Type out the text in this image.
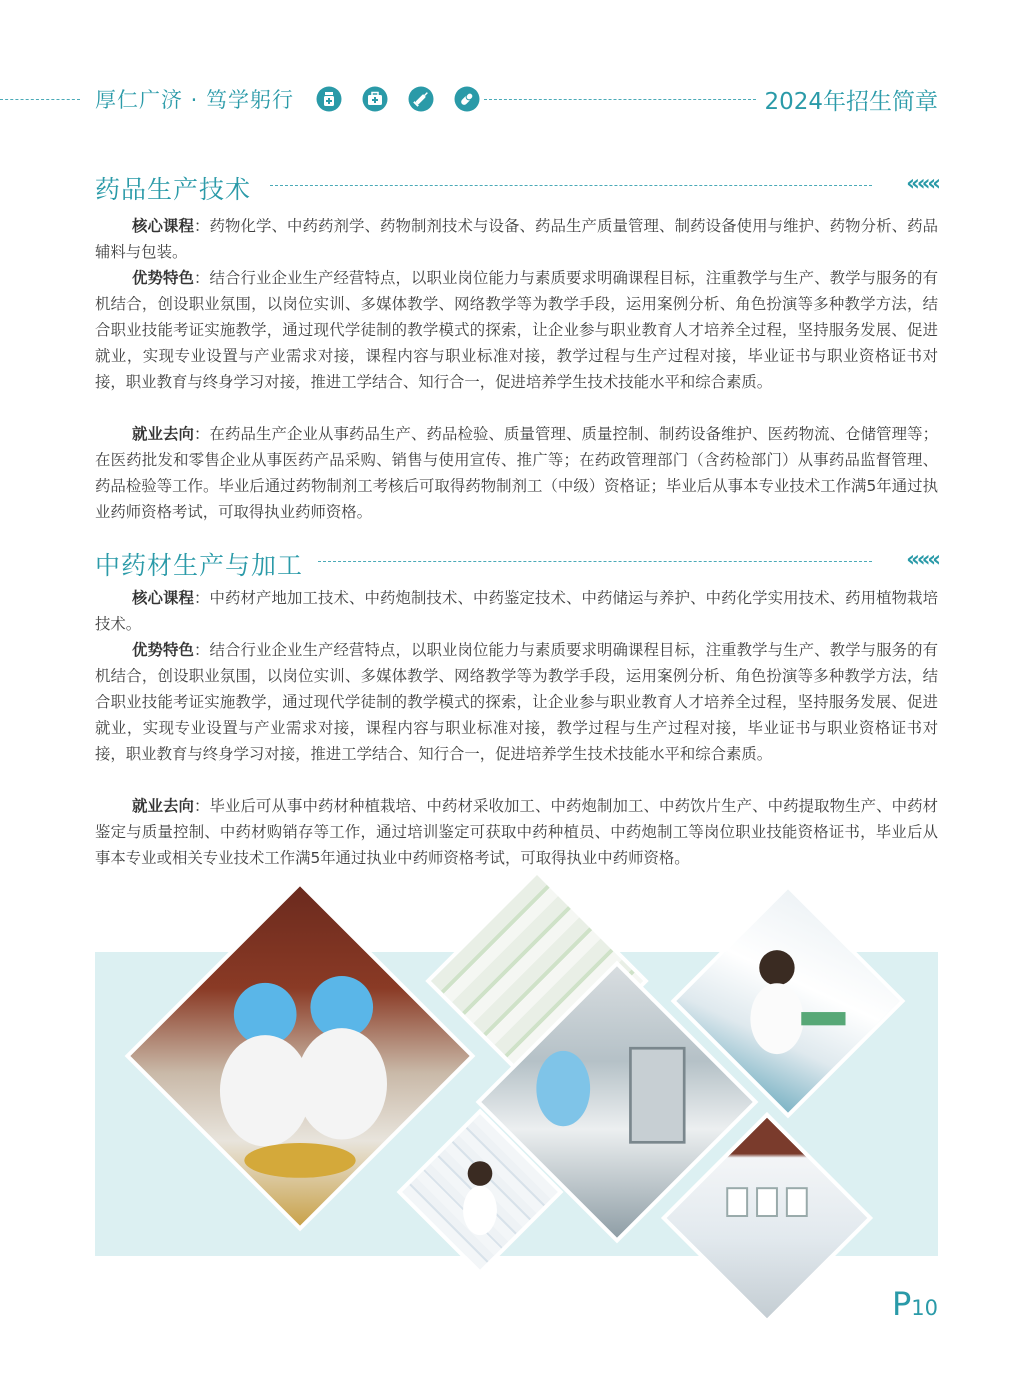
厚仁广济 · 笃学躬行	2024年招生简章
药品生产技术	«««

核心课程：药物化学、中药药剂学、药物制剂技术与设备、药品生产质量管理、制药设备使用与维护、药物分析、药品辅料与包装。

优势特色：结合行业企业生产经营特点，以职业岗位能力与素质要求明确课程目标，注重教学与生产、教学与服务的有机结合，创设职业氛围，以岗位实训、多媒体教学、网络教学等为教学手段，运用案例分析、角色扮演等多种教学方法，结合职业技能考证实施教学，通过现代学徒制的教学模式的探索，让企业参与职业教育人才培养全过程，坚持服务发展、促进就业，实现专业设置与产业需求对接，课程内容与职业标准对接，教学过程与生产过程对接，毕业证书与职业资格证书对接，职业教育与终身学习对接，推进工学结合、知行合一，促进培养学生技术技能水平和综合素质。

就业去向：在药品生产企业从事药品生产、药品检验、质量管理、质量控制、制药设备维护、医药物流、仓储管理等；在医药批发和零售企业从事医药产品采购、销售与使用宣传、推广等；在药政管理部门（含药检部门）从事药品监督管理、药品检验等工作。毕业后通过药物制剂工考核后可取得药物制剂工（中级）资格证；毕业后从事本专业技术工作满5年通过执业药师资格考试，可取得执业药师资格。

中药材生产与加工	«««

核心课程：中药材产地加工技术、中药炮制技术、中药鉴定技术、中药储运与养护、中药化学实用技术、药用植物栽培技术。

优势特色：结合行业企业生产经营特点，以职业岗位能力与素质要求明确课程目标，注重教学与生产、教学与服务的有机结合，创设职业氛围，以岗位实训、多媒体教学、网络教学等为教学手段，运用案例分析、角色扮演等多种教学方法，结合职业技能考证实施教学，通过现代学徒制的教学模式的探索，让企业参与职业教育人才培养全过程，坚持服务发展、促进就业，实现专业设置与产业需求对接，课程内容与职业标准对接，教学过程与生产过程对接，毕业证书与职业资格证书对接，职业教育与终身学习对接，推进工学结合、知行合一，促进培养学生技术技能水平和综合素质。

就业去向：毕业后可从事中药材种植栽培、中药材采收加工、中药炮制加工、中药饮片生产、中药提取物生产、中药材鉴定与质量控制、中药材购销存等工作，通过培训鉴定可获取中药种植员、中药炮制工等岗位职业技能资格证书，毕业后从事本专业或相关专业技术工作满5年通过执业中药师资格考试，可取得执业中药师资格。

P10
